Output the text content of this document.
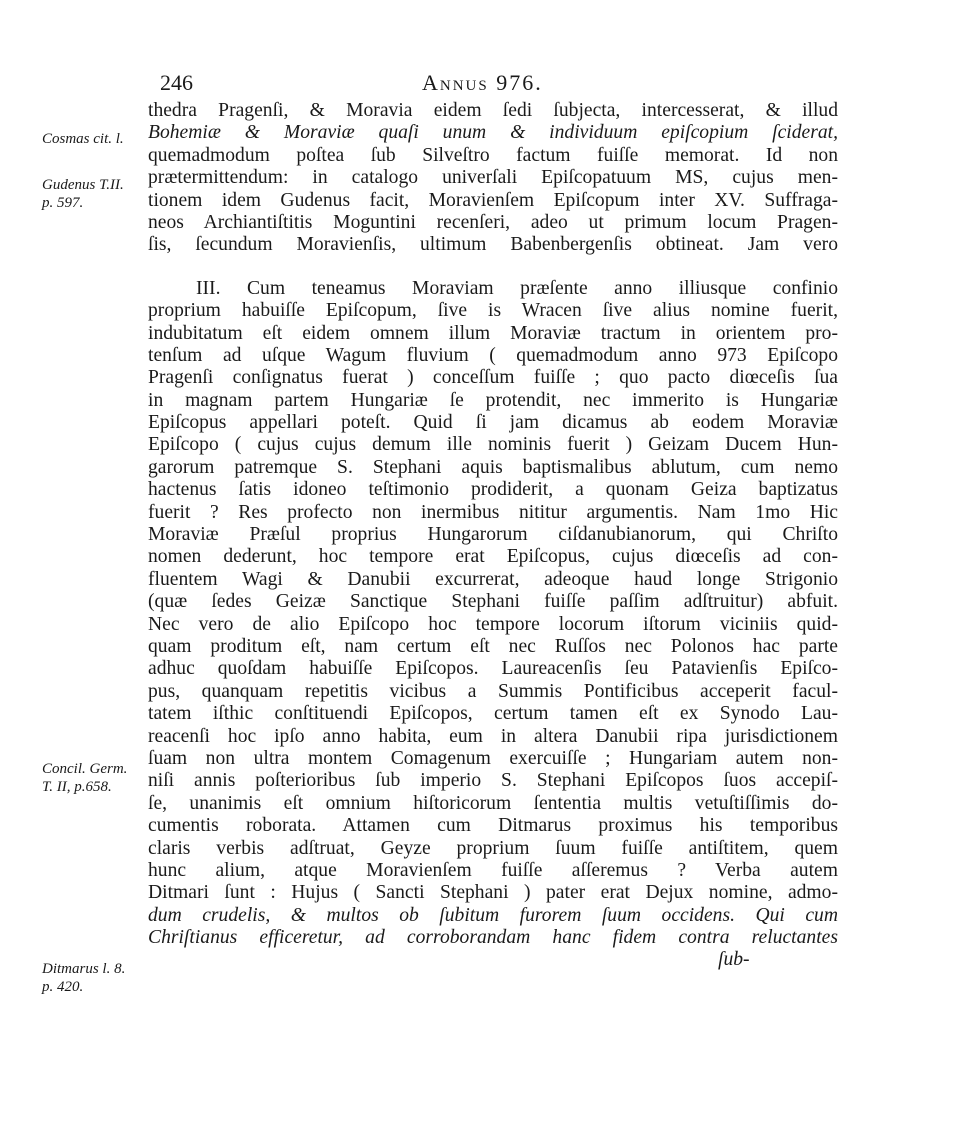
246	Annus 976.
Cosmas cit. l.
Gudenus T.II.
p. 597.
Concil. Germ.
T. II, p.658.
Ditmarus l. 8.
p. 420.
thedra Pragenſi, & Moravia eidem ſedi ſubjecta, intercesserat, & illud
Bohemiæ & Moraviæ quaſi unum & individuum epiſcopium ſciderat,
quemadmodum poſtea ſub Silveſtro factum fuiſſe memorat. Id non
prætermittendum: in catalogo univerſali Epiſcopatuum MS, cujus men-
tionem idem Gudenus facit, Moravienſem Epiſcopum inter XV. Suffraga-
neos Archiantiſtitis Moguntini recenſeri, adeo ut primum locum Pragen-
ſis, ſecundum Moravienſis, ultimum Babenbergenſis obtineat. Jam vero
III. Cum teneamus Moraviam præſente anno illiusque confinio
proprium habuiſſe Epiſcopum, ſive is Wracen ſive alius nomine fuerit,
indubitatum eſt eidem omnem illum Moraviæ tractum in orientem pro-
tenſum ad uſque Wagum fluvium ( quemadmodum anno 973 Epiſcopo
Pragenſi conſignatus fuerat ) conceſſum fuiſſe ; quo pacto diœceſis ſua
in magnam partem Hungariæ ſe protendit, nec immerito is Hungariæ
Epiſcopus appellari poteſt. Quid ſi jam dicamus ab eodem Moraviæ
Epiſcopo ( cujus cujus demum ille nominis fuerit ) Geizam Ducem Hun-
garorum patremque S. Stephani aquis baptismalibus ablutum, cum nemo
hactenus ſatis idoneo teſtimonio prodiderit, a quonam Geiza baptizatus
fuerit ? Res profecto non inermibus nititur argumentis. Nam 1mo Hic
Moraviæ Præſul proprius Hungarorum ciſdanubianorum, qui Chriſto
nomen dederunt, hoc tempore erat Epiſcopus, cujus diœceſis ad con-
fluentem Wagi & Danubii excurrerat, adeoque haud longe Strigonio
(quæ ſedes Geizæ Sanctique Stephani fuiſſe paſſim adſtruitur) abfuit.
Nec vero de alio Epiſcopo hoc tempore locorum iſtorum viciniis quid-
quam proditum eſt, nam certum eſt nec Ruſſos nec Polonos hac parte
adhuc quoſdam habuiſſe Epiſcopos. Laureacenſis ſeu Patavienſis Epiſco-
pus, quanquam repetitis vicibus a Summis Pontificibus acceperit facul-
tatem iſthic conſtituendi Epiſcopos, certum tamen eſt ex Synodo Lau-
reacenſi hoc ipſo anno habita, eum in altera Danubii ripa jurisdictionem
ſuam non ultra montem Comagenum exercuiſſe ; Hungariam autem non-
niſi annis poſterioribus ſub imperio S. Stephani Epiſcopos ſuos accepiſ-
ſe, unanimis eſt omnium hiſtoricorum ſententia multis vetuſtiſſimis do-
cumentis roborata. Attamen cum Ditmarus proximus his temporibus
claris verbis adſtruat, Geyze proprium ſuum fuiſſe antiſtitem, quem
hunc alium, atque Moravienſem fuiſſe aſſeremus ? Verba autem
Ditmari ſunt : Hujus ( Sancti Stephani ) pater erat Dejux nomine, admo-
dum crudelis, & multos ob ſubitum furorem ſuum occidens. Qui cum
Chriſtianus efficeretur, ad corroborandam hanc fidem contra reluctantes
ſub-
